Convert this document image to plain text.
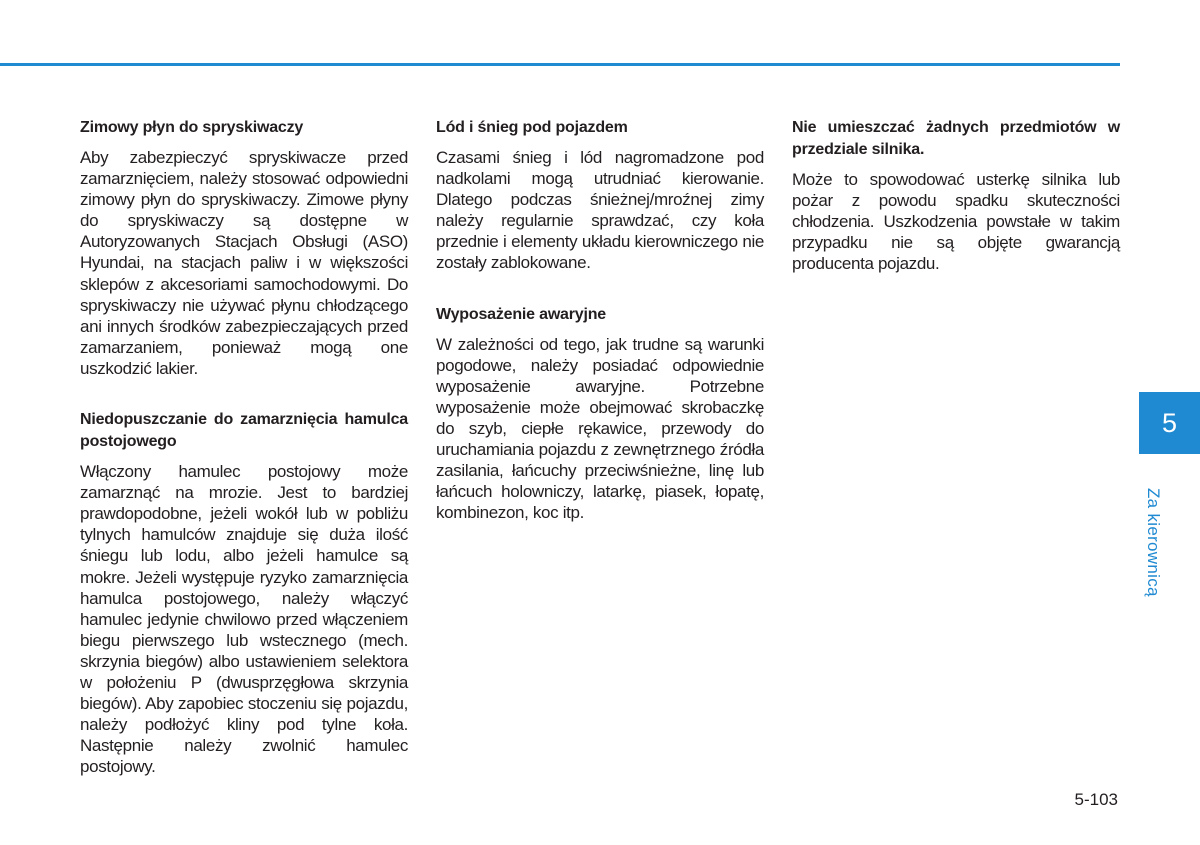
Zimowy płyn do spryskiwaczy

Aby zabezpieczyć spryskiwacze przed zamarznięciem, należy stosować odpowiedni zimowy płyn do spryskiwaczy. Zimowe płyny do spryskiwaczy są dostępne w Autoryzowanych Stacjach Obsługi (ASO) Hyundai, na stacjach paliw i w większości sklepów z akcesoriami samochodowymi. Do spryskiwaczy nie używać płynu chłodzącego ani innych środków zabezpieczających przed zamarzaniem, ponieważ mogą one uszkodzić lakier.

Niedopuszczanie do zamarznięcia hamulca postojowego

Włączony hamulec postojowy może zamarznąć na mrozie. Jest to bardziej prawdopodobne, jeżeli wokół lub w pobliżu tylnych hamulców znajduje się duża ilość śniegu lub lodu, albo jeżeli hamulce są mokre. Jeżeli występuje ryzyko zamarznięcia hamulca postojowego, należy włączyć hamulec jedynie chwilowo przed włączeniem biegu pierwszego lub wstecznego (mech. skrzynia biegów) albo ustawieniem selektora w położeniu P (dwusprzęgłowa skrzynia biegów). Aby zapobiec stoczeniu się pojazdu, należy podłożyć kliny pod tylne koła. Następnie należy zwolnić hamulec postojowy.

Lód i śnieg pod pojazdem

Czasami śnieg i lód nagromadzone pod nadkolami mogą utrudniać kierowanie. Dlatego podczas śnieżnej/mroźnej zimy należy regularnie sprawdzać, czy koła przednie i elementy układu kierowniczego nie zostały zablokowane.

Wyposażenie awaryjne

W zależności od tego, jak trudne są warunki pogodowe, należy posiadać odpowiednie wyposażenie awaryjne. Potrzebne wyposażenie może obejmować skrobaczkę do szyb, ciepłe rękawice, przewody do uruchamiania pojazdu z zewnętrznego źródła zasilania, łańcuchy przeciwśnieżne, linę lub łańcuch holowniczy, latarkę, piasek, łopatę, kombinezon, koc itp.

Nie umieszczać żadnych przedmiotów w przedziale silnika.

Może to spowodować usterkę silnika lub pożar z powodu spadku skuteczności chłodzenia. Uszkodzenia powstałe w takim przypadku nie są objęte gwarancją producenta pojazdu.

5
Za kierownicą
5-103
